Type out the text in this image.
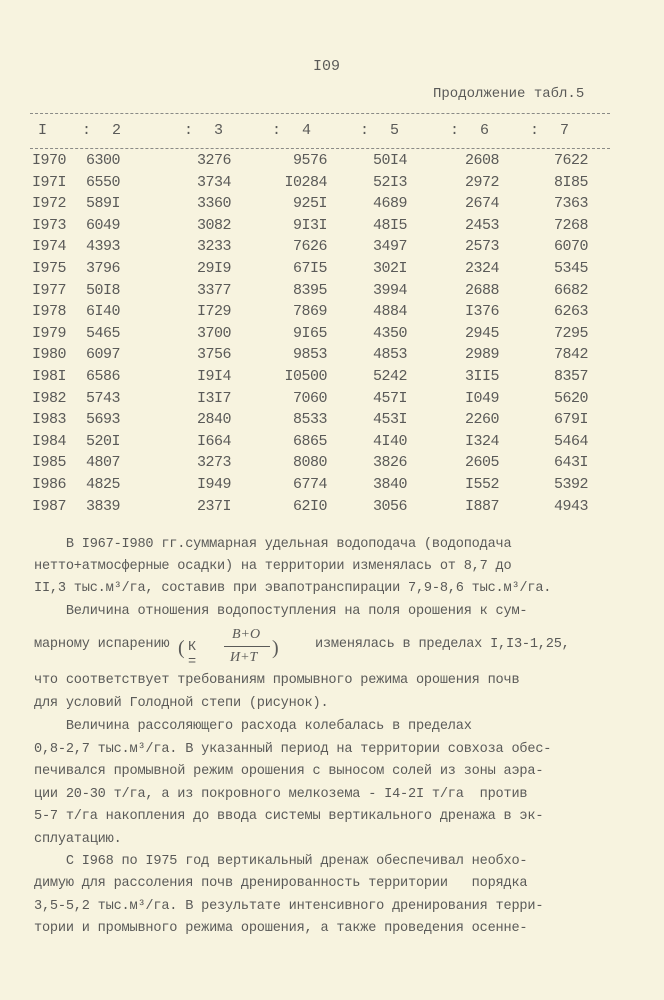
I09
Продолжение табл.5
I : 2	: 3	: 4	: 5	: 6	: 7
I970 6300	3276	9576	50I4	2608	7622
I97I 6550	3734	I0284	52I3	2972	8I85
I972 589I	3360	925I	4689	2674	7363
I973 6049	3082	9I3I	48I5	2453	7268
I974 4393	3233	7626	3497	2573	6070
I975 3796	29I9	67I5	302I	2324	5345
I977 50I8	3377	8395	3994	2688	6682
I978 6I40	I729	7869	4884	I376	6263
I979 5465	3700	9I65	4350	2945	7295
I980 6097	3756	9853	4853	2989	7842
I98I 6586	I9I4	I0500	5242	3II5	8357
I982 5743	I3I7	7060	457I	I049	5620
I983 5693	2840	8533	453I	2260	679I
I984 520I	I664	6865	4I40	I324	5464
I985 4807	3273	8080	3826	2605	643I
I986 4825	I949	6774	3840	I552	5392
I987 3839	237I	62I0	3056	I887	4943
В I967-I980 гг.суммарная удельная водоподача (водоподача
нетто+атмосферные осадки) на территории изменялась от 8,7 до
II,3 тыс.м³/га, составив при эвапотранспирации 7,9-8,6 тыс.м³/га.
Величина отношения водопоступления на поля орошения к сум-
что соответствует требованиям промывного режима орошения почв
для условий Голодной степи (рисунок).
Величина рассоляющего расхода колебалась в пределах
0,8-2,7 тыс.м³/га. В указанный период на территории совхоза обес-
печивался промывной режим орошения с выносом солей из зоны аэра-
ции 20-30 т/га, а из покровного мелкозема - I4-2I т/га  против
5-7 т/га накопления до ввода системы вертикального дренажа в эк-
сплуатацию.
С I968 по I975 год вертикальный дренаж обеспечивал необхо-
димую для рассоления почв дренированность территории   порядка
3,5-5,2 тыс.м³/га. В результате интенсивного дренирования терри-
тории и промывного режима орошения, а также проведения осенне-
марному испарению ( К =
В+О
И+Т )	изменялась в пределах I,I3-1,25,
